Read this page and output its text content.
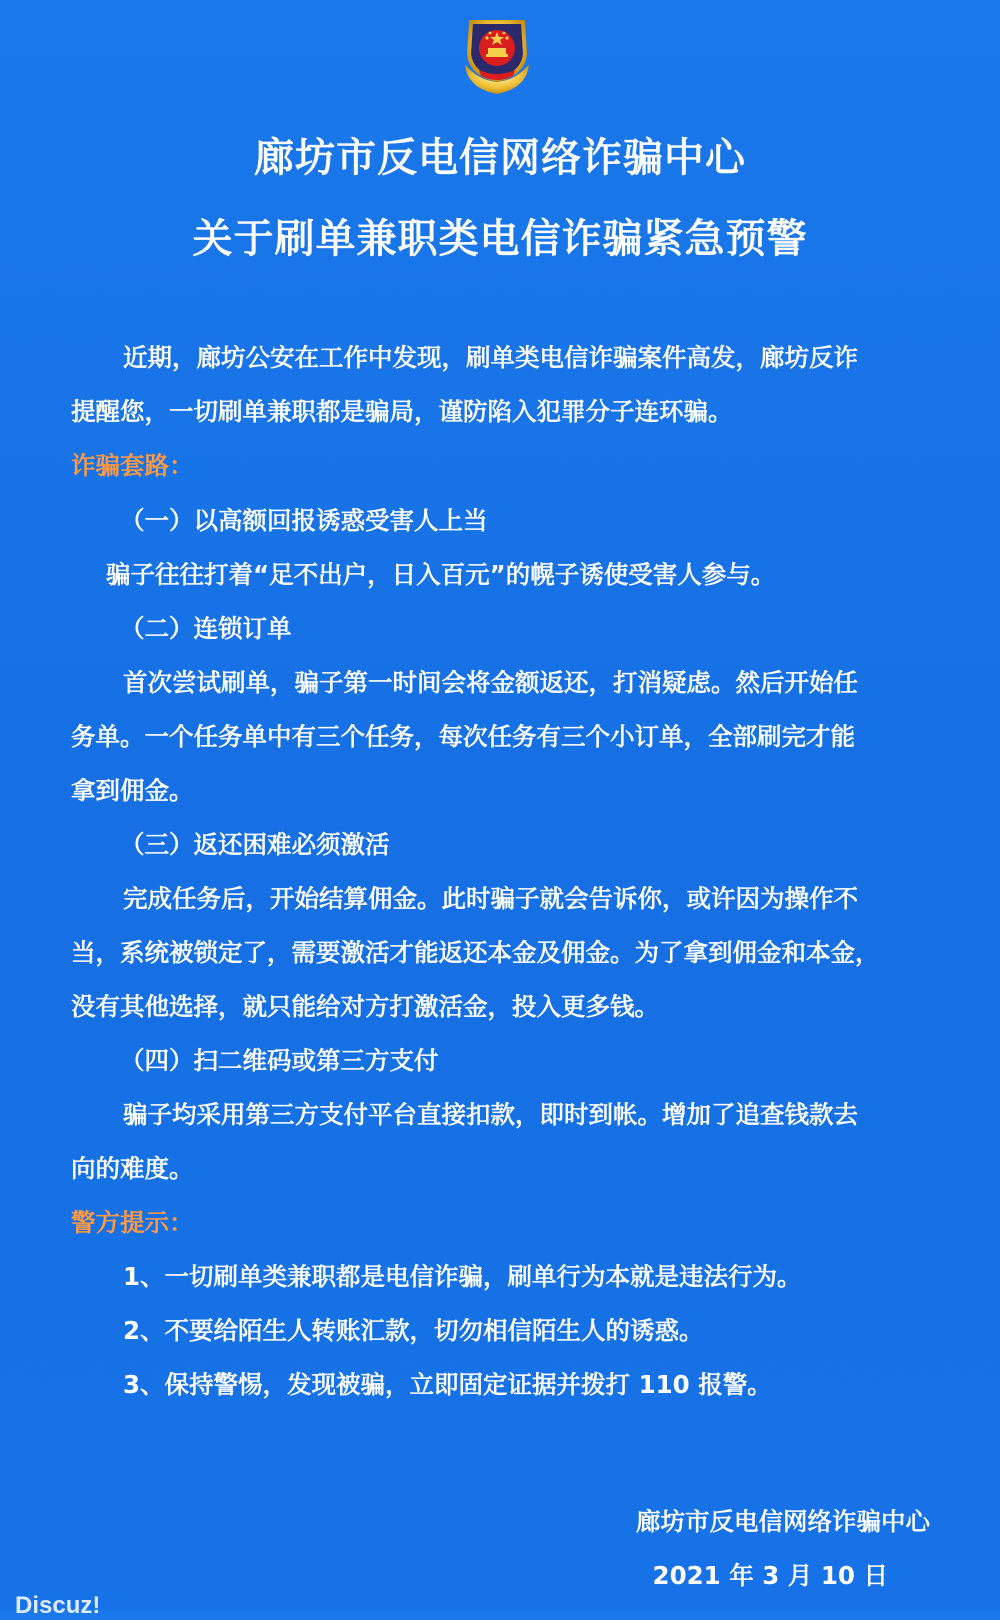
廊坊市反电信网络诈骗中心
关于刷单兼职类电信诈骗紧急预警
近期，廊坊公安在工作中发现，刷单类电信诈骗案件高发，廊坊反诈
提醒您，一切刷单兼职都是骗局，谨防陷入犯罪分子连环骗。
诈骗套路：
（一）以高额回报诱惑受害人上当
骗子往往打着“足不出户，日入百元”的幌子诱使受害人参与。
（二）连锁订单
首次尝试刷单，骗子第一时间会将金额返还，打消疑虑。然后开始任
务单。一个任务单中有三个任务，每次任务有三个小订单，全部刷完才能
拿到佣金。
（三）返还困难必须激活
完成任务后，开始结算佣金。此时骗子就会告诉你，或许因为操作不
当，系统被锁定了，需要激活才能返还本金及佣金。为了拿到佣金和本金，
没有其他选择，就只能给对方打激活金，投入更多钱。
（四）扫二维码或第三方支付
骗子均采用第三方支付平台直接扣款，即时到帐。增加了追查钱款去
向的难度。
警方提示：
1、一切刷单类兼职都是电信诈骗，刷单行为本就是违法行为。
2、不要给陌生人转账汇款，切勿相信陌生人的诱惑。
3、保持警惕，发现被骗，立即固定证据并拨打 110 报警。
廊坊市反电信网络诈骗中心
2021 年 3 月 10 日
Discuz!
